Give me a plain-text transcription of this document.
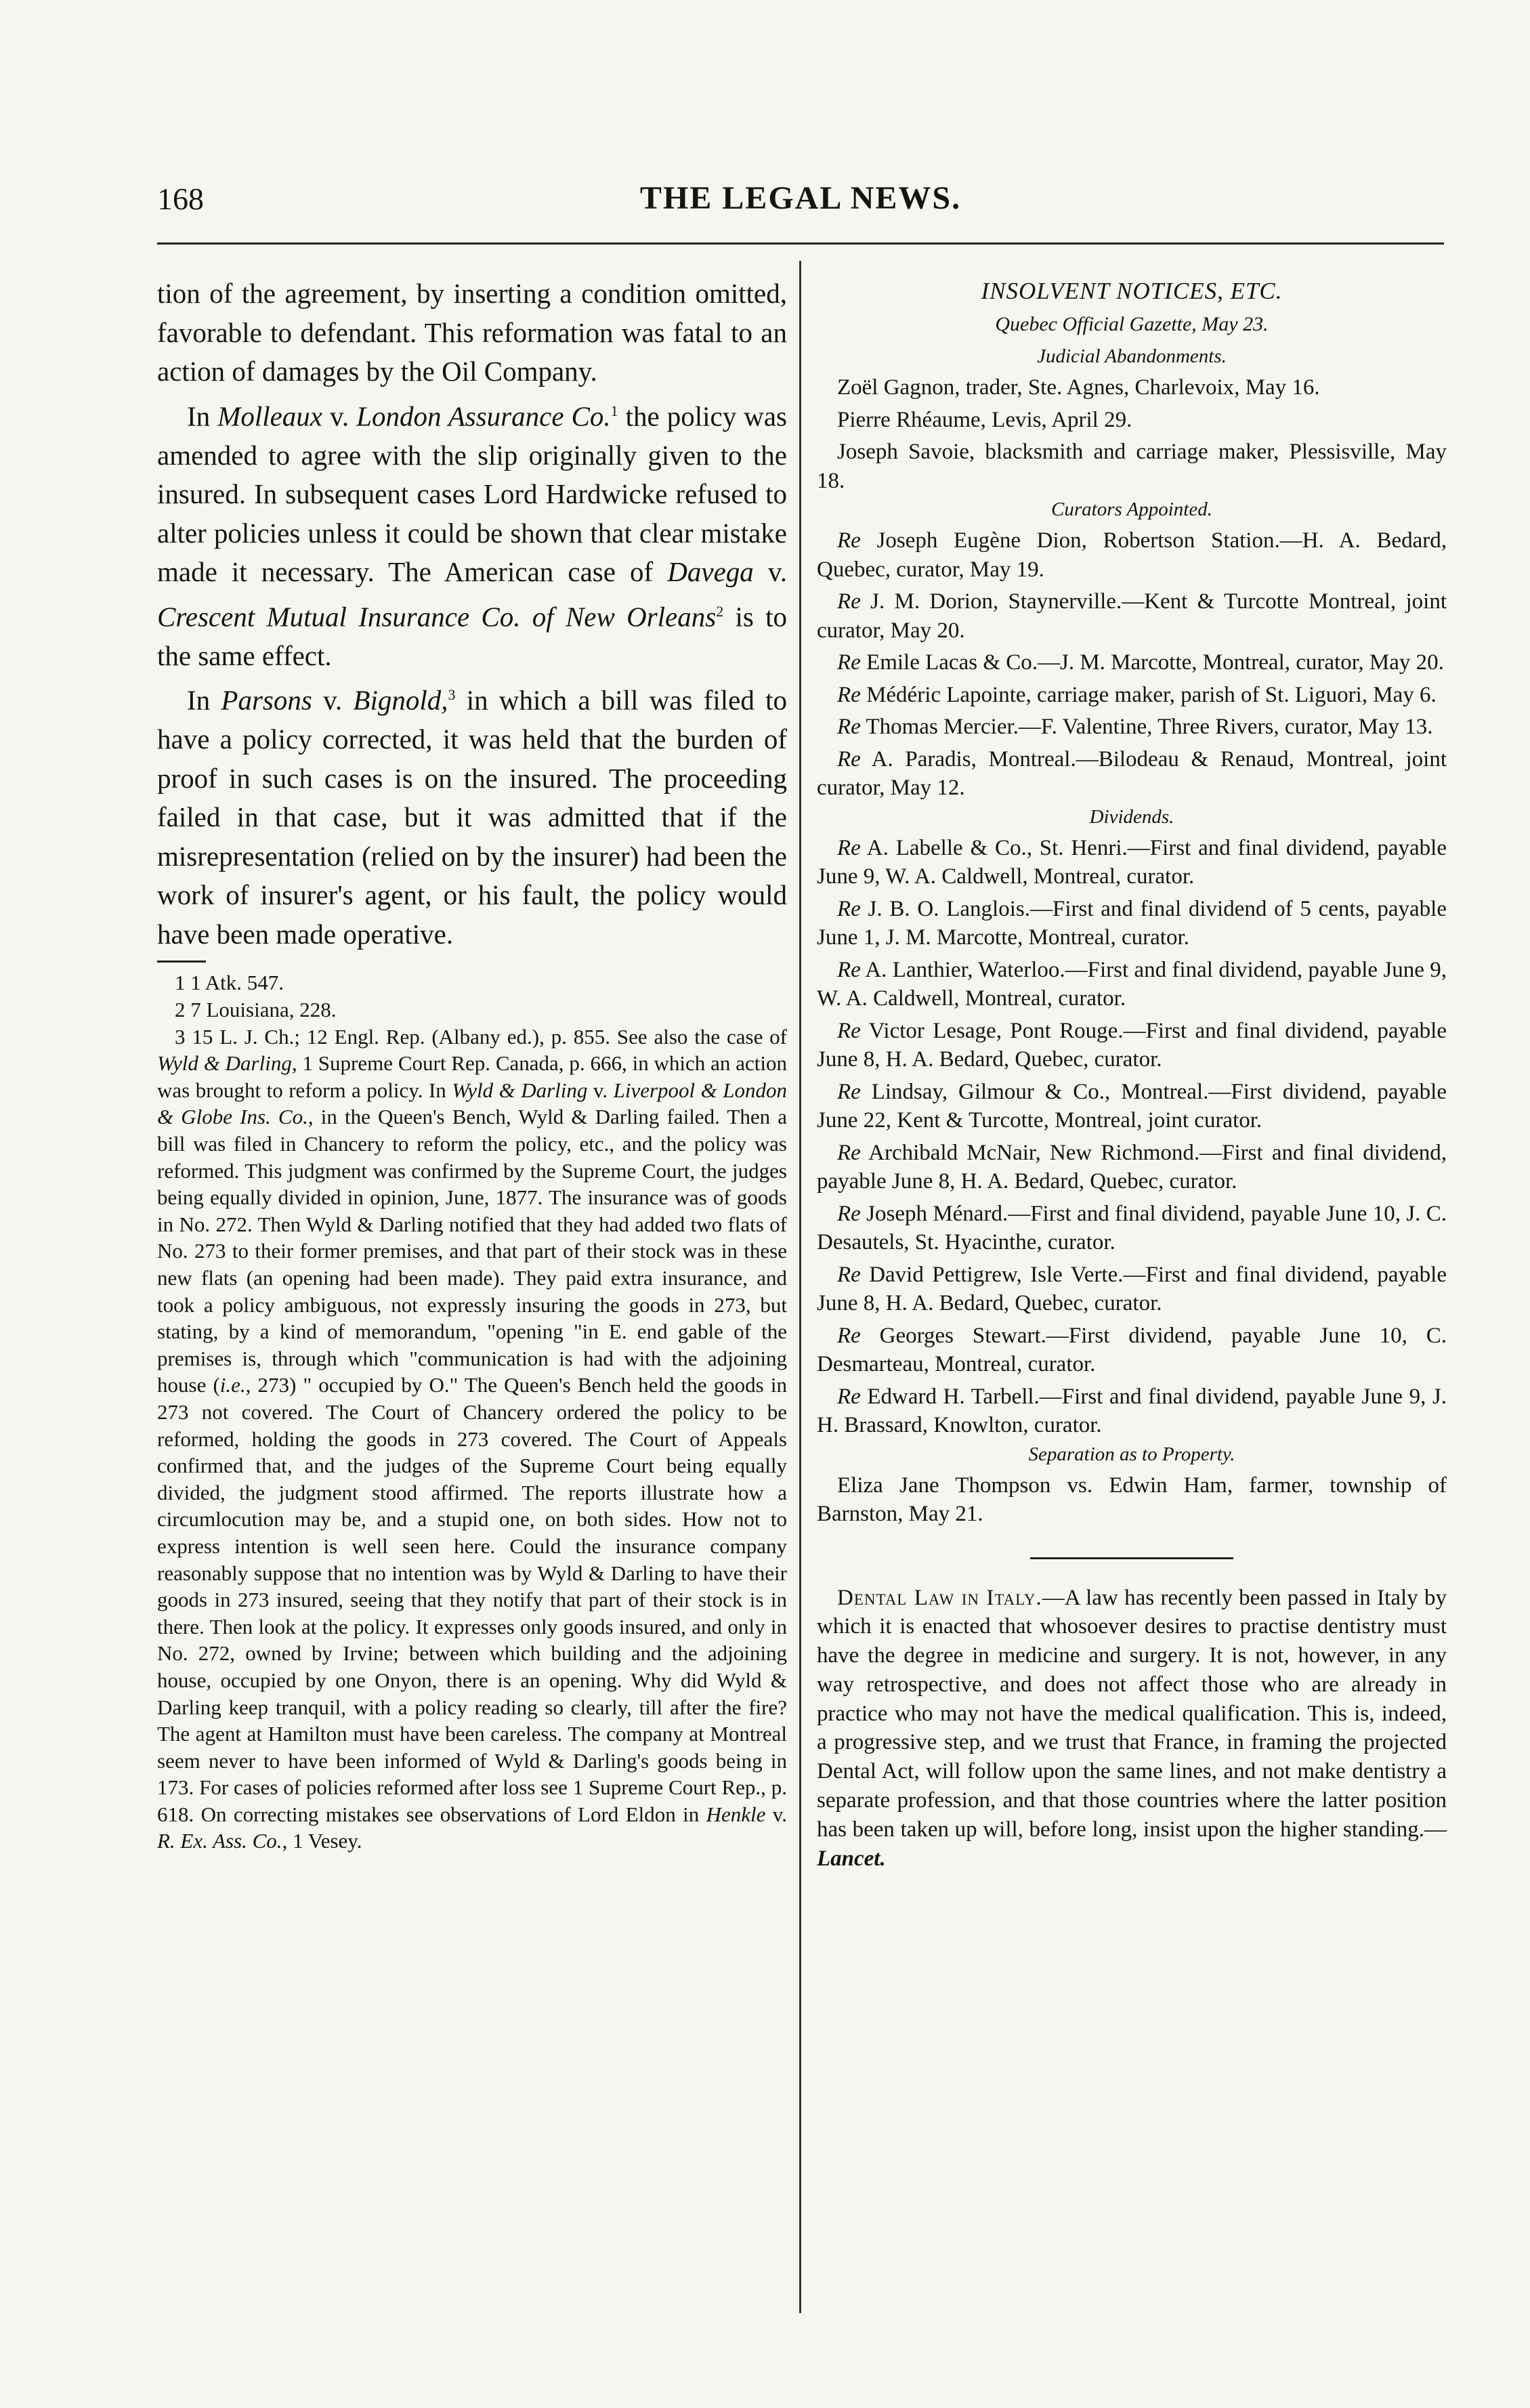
168	THE LEGAL NEWS.

tion of the agreement, by inserting a condition omitted, favorable to defendant. This reformation was fatal to an action of damages by the Oil Company.

In Molleaux v. London Assurance Co.$^1$ the policy was amended to agree with the slip originally given to the insured. In subsequent cases Lord Hardwicke refused to alter policies unless it could be shown that clear mistake made it necessary. The American case of Davega v. Crescent Mutual Insurance Co. of New Orleans$^2$ is to the same effect.

In Parsons v. Bignold,$^3$ in which a bill was filed to have a policy corrected, it was held that the burden of proof in such cases is on the insured. The proceeding failed in that case, but it was admitted that if the misrepresentation (relied on by the insurer) had been the work of insurer's agent, or his fault, the policy would have been made operative.

1 1 Atk. 547.

2 7 Louisiana, 228.

3 15 L. J. Ch.; 12 Engl. Rep. (Albany ed.), p. 855. See also the case of Wyld & Darling, 1 Supreme Court Rep. Canada, p. 666, in which an action was brought to reform a policy. In Wyld & Darling v. Liverpool & London & Globe Ins. Co., in the Queen's Bench, Wyld & Darling failed. Then a bill was filed in Chancery to reform the policy, etc., and the policy was reformed. This judgment was confirmed by the Supreme Court, the judges being equally divided in opinion, June, 1877. The insurance was of goods in No. 272. Then Wyld & Darling notified that they had added two flats of No. 273 to their former premises, and that part of their stock was in these new flats (an opening had been made). They paid extra insurance, and took a policy ambiguous, not expressly insuring the goods in 273, but stating, by a kind of memorandum, "opening "in E. end gable of the premises is, through which "communication is had with the adjoining house (i.e., 273) " occupied by O." The Queen's Bench held the goods in 273 not covered. The Court of Chancery ordered the policy to be reformed, holding the goods in 273 covered. The Court of Appeals confirmed that, and the judges of the Supreme Court being equally divided, the judgment stood affirmed. The reports illustrate how a circumlocution may be, and a stupid one, on both sides. How not to express intention is well seen here. Could the insurance company reasonably suppose that no intention was by Wyld & Darling to have their goods in 273 insured, seeing that they notify that part of their stock is in there. Then look at the policy. It expresses only goods insured, and only in No. 272, owned by Irvine; between which building and the adjoining house, occupied by one Onyon, there is an opening. Why did Wyld & Darling keep tranquil, with a policy reading so clearly, till after the fire? The agent at Hamilton must have been careless. The company at Montreal seem never to have been informed of Wyld & Darling's goods being in 173. For cases of policies reformed after loss see 1 Supreme Court Rep., p. 618. On correcting mistakes see observations of Lord Eldon in Henkle v. R. Ex. Ass. Co., 1 Vesey.

INSOLVENT NOTICES, ETC.
Quebec Official Gazette, May 23.
Judicial Abandonments.

Zoël Gagnon, trader, Ste. Agnes, Charlevoix, May 16.

Pierre Rhéaume, Levis, April 29.

Joseph Savoie, blacksmith and carriage maker, Plessisville, May 18.

Curators Appointed.

Re Joseph Eugène Dion, Robertson Station.—H. A. Bedard, Quebec, curator, May 19.

Re J. M. Dorion, Staynerville.—Kent & Turcotte Montreal, joint curator, May 20.

Re Emile Lacas & Co.—J. M. Marcotte, Montreal, curator, May 20.

Re Médéric Lapointe, carriage maker, parish of St. Liguori, May 6.

Re Thomas Mercier.—F. Valentine, Three Rivers, curator, May 13.

Re A. Paradis, Montreal.—Bilodeau & Renaud, Montreal, joint curator, May 12.

Dividends.

Re A. Labelle & Co., St. Henri.—First and final dividend, payable June 9, W. A. Caldwell, Montreal, curator.

Re J. B. O. Langlois.—First and final dividend of 5 cents, payable June 1, J. M. Marcotte, Montreal, curator.

Re A. Lanthier, Waterloo.—First and final dividend, payable June 9, W. A. Caldwell, Montreal, curator.

Re Victor Lesage, Pont Rouge.—First and final dividend, payable June 8, H. A. Bedard, Quebec, curator.

Re Lindsay, Gilmour & Co., Montreal.—First dividend, payable June 22, Kent & Turcotte, Montreal, joint curator.

Re Archibald McNair, New Richmond.—First and final dividend, payable June 8, H. A. Bedard, Quebec, curator.

Re Joseph Ménard.—First and final dividend, payable June 10, J. C. Desautels, St. Hyacinthe, curator.

Re David Pettigrew, Isle Verte.—First and final dividend, payable June 8, H. A. Bedard, Quebec, curator.

Re Georges Stewart.—First dividend, payable June 10, C. Desmarteau, Montreal, curator.

Re Edward H. Tarbell.—First and final dividend, payable June 9, J. H. Brassard, Knowlton, curator.

Separation as to Property.

Eliza Jane Thompson vs. Edwin Ham, farmer, township of Barnston, May 21.

Dental Law in Italy.—A law has recently been passed in Italy by which it is enacted that whosoever desires to practise dentistry must have the degree in medicine and surgery. It is not, however, in any way retrospective, and does not affect those who are already in practice who may not have the medical qualification. This is, indeed, a progressive step, and we trust that France, in framing the projected Dental Act, will follow upon the same lines, and not make dentistry a separate profession, and that those countries where the latter position has been taken up will, before long, insist upon the higher standing.—Lancet.
